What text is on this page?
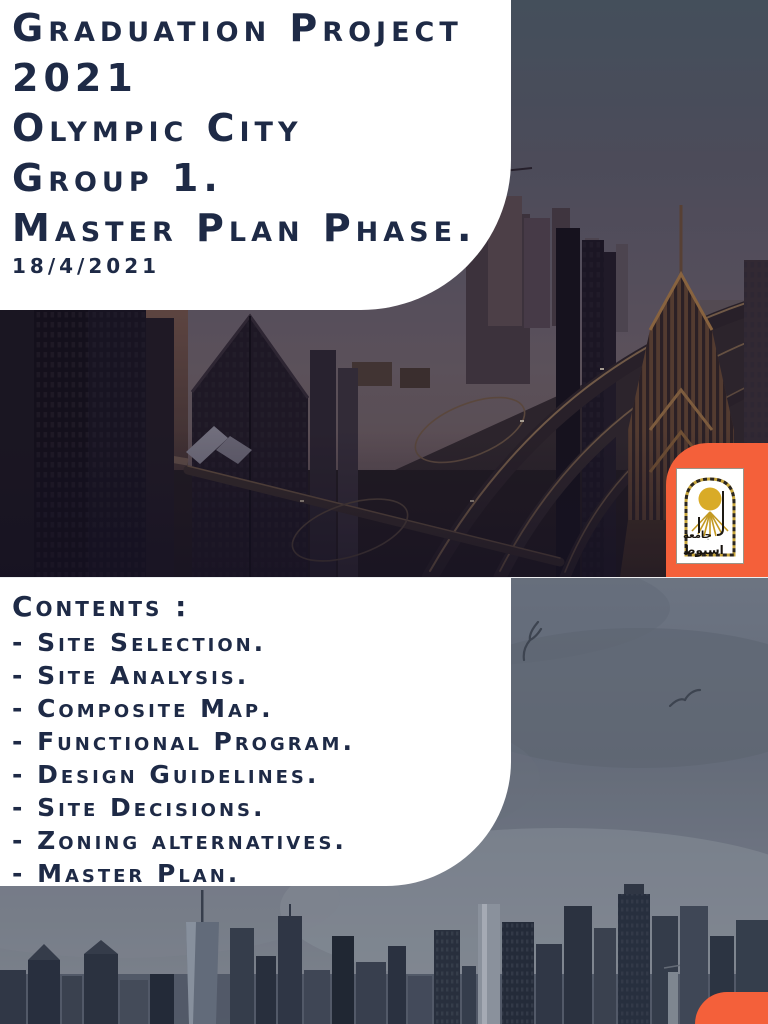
Graduation Project
2021
Olympic City
Group 1.
Master Plan Phase.
18/4/2021
جامعة
اسيوط
Contents :
- Site Selection.
- Site Analysis.
- Composite Map.
- Functional Program.
- Design Guidelines.
- Site Decisions.
- Zoning alternatives.
- Master Plan.
